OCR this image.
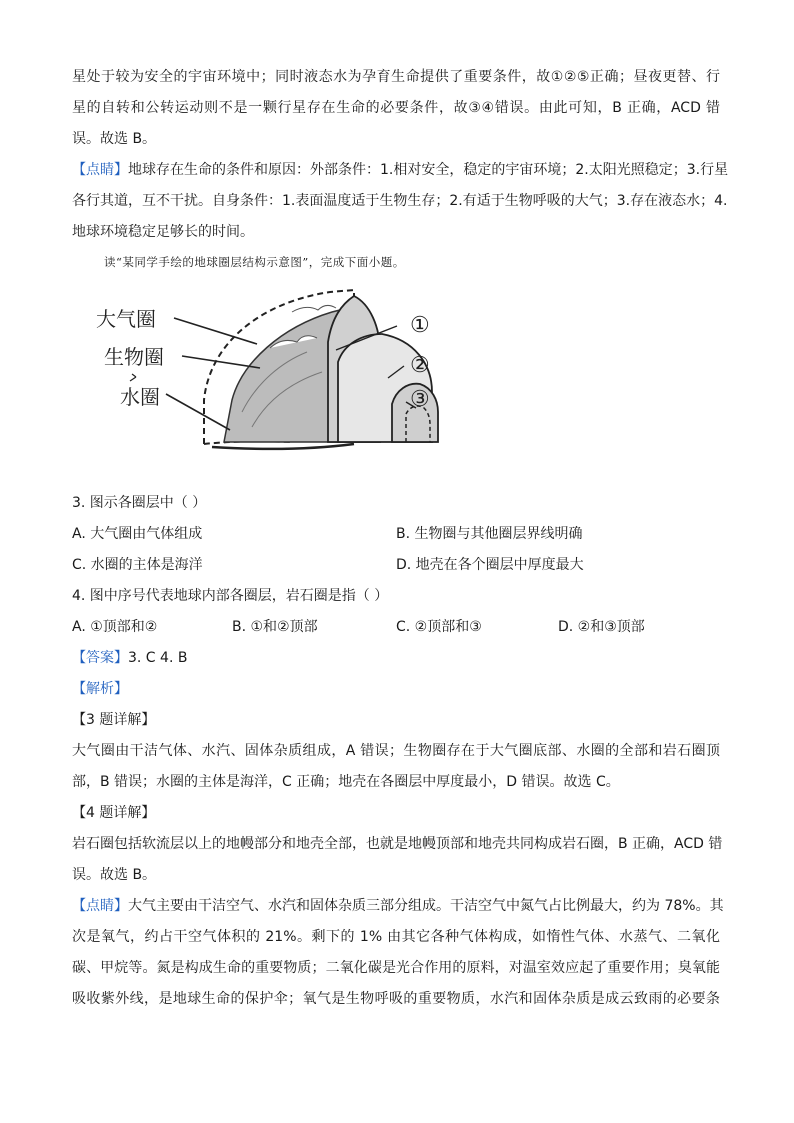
星处于较为安全的宇宙环境中；同时液态水为孕育生命提供了重要条件，故①②⑤正确；昼夜更替、行
星的自转和公转运动则不是一颗行星存在生命的必要条件，故③④错误。由此可知，B 正确，ACD 错
误。故选 B。
【点睛】地球存在生命的条件和原因：外部条件：1.相对安全，稳定的宇宙环境；2.太阳光照稳定；3.行星
各行其道，互不干扰。自身条件：1.表面温度适于生物生存；2.有适于生物呼吸的大气；3.存在液态水；4.
地球环境稳定足够长的时间。
读“某同学手绘的地球圈层结构示意图”，完成下面小题。
大气圈
生物圈
水圈
①
②
③
3. 图示各圈层中（ ）
A. 大气圈由气体组成	B. 生物圈与其他圈层界线明确
C. 水圈的主体是海洋	D. 地壳在各个圈层中厚度最大
4. 图中序号代表地球内部各圈层，岩石圈是指（ ）
A. ①顶部和②	B. ①和②顶部	C. ②顶部和③	D. ②和③顶部
【答案】3. C 4. B
【解析】
【3 题详解】
大气圈由干洁气体、水汽、固体杂质组成，A 错误；生物圈存在于大气圈底部、水圈的全部和岩石圈顶
部，B 错误；水圈的主体是海洋，C 正确；地壳在各圈层中厚度最小，D 错误。故选 C。
【4 题详解】
岩石圈包括软流层以上的地幔部分和地壳全部，也就是地幔顶部和地壳共同构成岩石圈，B 正确，ACD 错
误。故选 B。
【点睛】大气主要由干洁空气、水汽和固体杂质三部分组成。干洁空气中氮气占比例最大，约为 78%。其
次是氧气，约占干空气体积的 21%。剩下的 1% 由其它各种气体构成，如惰性气体、水蒸气、二氧化
碳、甲烷等。氮是构成生命的重要物质；二氧化碳是光合作用的原料，对温室效应起了重要作用；臭氧能
吸收紫外线，是地球生命的保护伞；氧气是生物呼吸的重要物质，水汽和固体杂质是成云致雨的必要条
